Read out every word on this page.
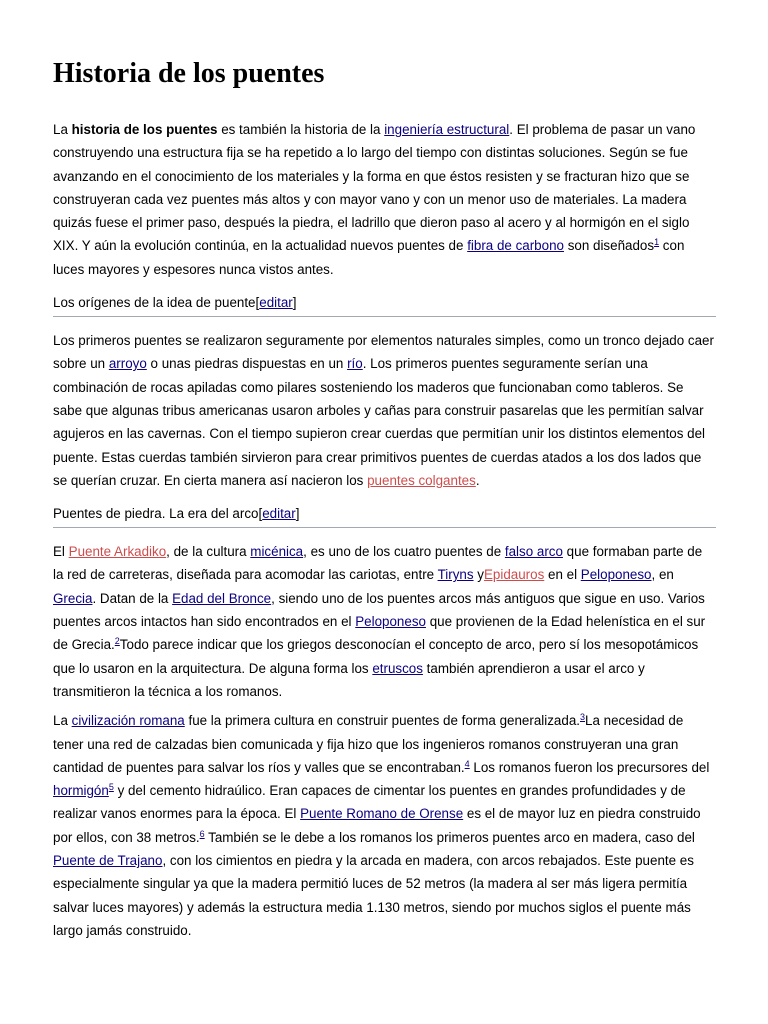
Historia de los puentes

La historia de los puentes es también la historia de la ingeniería estructural. El problema de pasar un vano construyendo una estructura fija se ha repetido a lo largo del tiempo con distintas soluciones. Según se fue avanzando en el conocimiento de los materiales y la forma en que éstos resisten y se fracturan hizo que se construyeran cada vez puentes más altos y con mayor vano y con un menor uso de materiales. La madera quizás fuese el primer paso, después la piedra, el ladrillo que dieron paso al acero y al hormigón en el siglo XIX. Y aún la evolución continúa, en la actualidad nuevos puentes de fibra de carbono son diseñados$^1$ con luces mayores y espesores nunca vistos antes.

Los orígenes de la idea de puente[editar]

Los primeros puentes se realizaron seguramente por elementos naturales simples, como un tronco dejado caer sobre un arroyo o unas piedras dispuestas en un río. Los primeros puentes seguramente serían una combinación de rocas apiladas como pilares sosteniendo los maderos que funcionaban como tableros. Se sabe que algunas tribus americanas usaron arboles y cañas para construir pasarelas que les permitían salvar agujeros en las cavernas. Con el tiempo supieron crear cuerdas que permitían unir los distintos elementos del puente. Estas cuerdas también sirvieron para crear primitivos puentes de cuerdas atados a los dos lados que se querían cruzar. En cierta manera así nacieron los puentes colgantes.

Puentes de piedra. La era del arco[editar]

El Puente Arkadiko, de la cultura micénica, es uno de los cuatro puentes de falso arco que formaban parte de la red de carreteras, diseñada para acomodar las cariotas, entre Tiryns yEpidauros en el Peloponeso, en Grecia. Datan de la Edad del Bronce, siendo uno de los puentes arcos más antiguos que sigue en uso. Varios puentes arcos intactos han sido encontrados en el Peloponeso que provienen de la Edad helenística en el sur de Grecia.$^2$Todo parece indicar que los griegos desconocían el concepto de arco, pero sí los mesopotámicos que lo usaron en la arquitectura. De alguna forma los etruscos también aprendieron a usar el arco y transmitieron la técnica a los romanos.

La civilización romana fue la primera cultura en construir puentes de forma generalizada.$^3$La necesidad de tener una red de calzadas bien comunicada y fija hizo que los ingenieros romanos construyeran una gran cantidad de puentes para salvar los ríos y valles que se encontraban.$^4$ Los romanos fueron los precursores del hormigón$^5$ y del cemento hidraúlico. Eran capaces de cimentar los puentes en grandes profundidades y de realizar vanos enormes para la época. El Puente Romano de Orense es el de mayor luz en piedra construido por ellos, con 38 metros.$^6$ También se le debe a los romanos los primeros puentes arco en madera, caso del Puente de Trajano, con los cimientos en piedra y la arcada en madera, con arcos rebajados. Este puente es especialmente singular ya que la madera permitió luces de 52 metros (la madera al ser más ligera permitía salvar luces mayores) y además la estructura media 1.130 metros, siendo por muchos siglos el puente más largo jamás construido.
